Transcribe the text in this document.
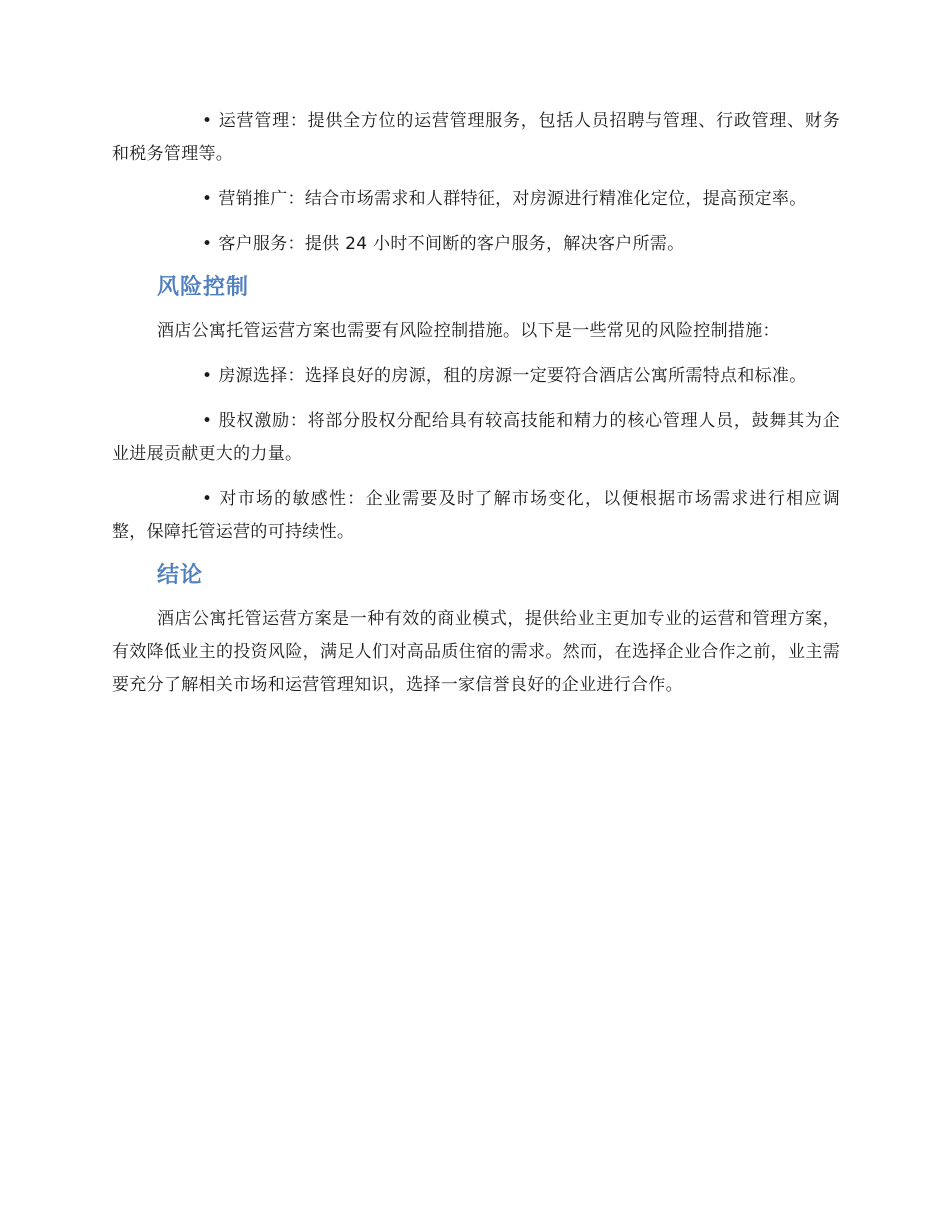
• 运营管理：提供全方位的运营管理服务，包括人员招聘与管理、行政管理、财务和税务管理等。

• 营销推广：结合市场需求和人群特征，对房源进行精准化定位，提高预定率。

• 客户服务：提供 24 小时不间断的客户服务，解决客户所需。

风险控制

酒店公寓托管运营方案也需要有风险控制措施。以下是一些常见的风险控制措施：

• 房源选择：选择良好的房源，租的房源一定要符合酒店公寓所需特点和标准。

• 股权激励：将部分股权分配给具有较高技能和精力的核心管理人员，鼓舞其为企业进展贡献更大的力量。

• 对市场的敏感性：企业需要及时了解市场变化，以便根据市场需求进行相应调整，保障托管运营的可持续性。

结论

酒店公寓托管运营方案是一种有效的商业模式，提供给业主更加专业的运营和管理方案，有效降低业主的投资风险，满足人们对高品质住宿的需求。然而，在选择企业合作之前，业主需要充分了解相关市场和运营管理知识，选择一家信誉良好的企业进行合作。
